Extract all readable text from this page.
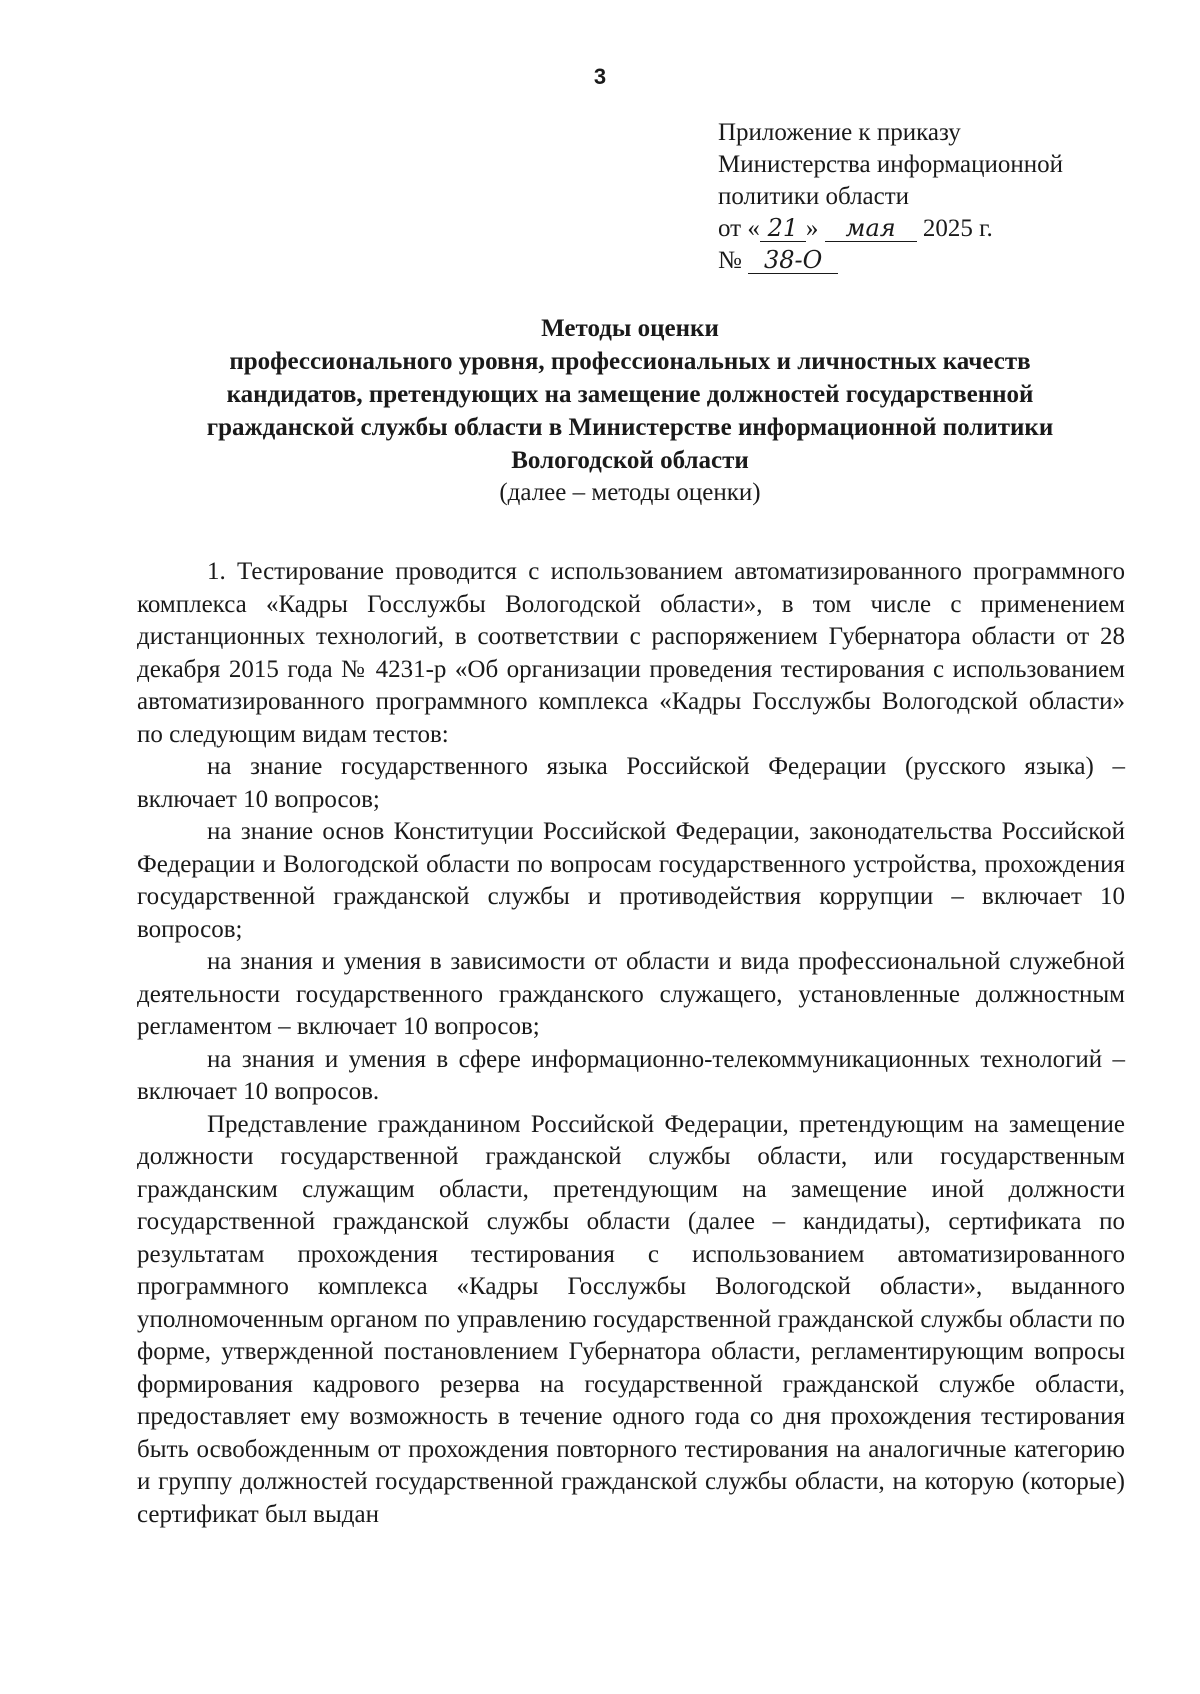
3
Приложение к приказу
Министерства информационной
политики области
от « 21 » мая 2025 г.
№ 38-О
Методы оценки
профессионального уровня, профессиональных и личностных качеств
кандидатов, претендующих на замещение должностей государственной
гражданской службы области в Министерстве информационной политики
Вологодской области
(далее – методы оценки)

1. Тестирование проводится с использованием автоматизированного программного комплекса «Кадры Госслужбы Вологодской области», в том числе с применением дистанционных технологий, в соответствии с распоряжением Губернатора области от 28 декабря 2015 года № 4231-р «Об организации проведения тестирования с использованием автоматизированного программного комплекса «Кадры Госслужбы Вологодской области» по следующим видам тестов:

на знание государственного языка Российской Федерации (русского языка) – включает 10 вопросов;

на знание основ Конституции Российской Федерации, законодательства Российской Федерации и Вологодской области по вопросам государственного устройства, прохождения государственной гражданской службы и противодействия коррупции – включает 10 вопросов;

на знания и умения в зависимости от области и вида профессиональной служебной деятельности государственного гражданского служащего, установленные должностным регламентом – включает 10 вопросов;

на знания и умения в сфере информационно-телекоммуникационных технологий – включает 10 вопросов.

Представление гражданином Российской Федерации, претендующим на замещение должности государственной гражданской службы области, или государственным гражданским служащим области, претендующим на замещение иной должности государственной гражданской службы области (далее – кандидаты), сертификата по результатам прохождения тестирования с использованием автоматизированного программного комплекса «Кадры Госслужбы Вологодской области», выданного уполномоченным органом по управлению государственной гражданской службы области по форме, утвержденной постановлением Губернатора области, регламентирующим вопросы формирования кадрового резерва на государственной гражданской службе области, предоставляет ему возможность в течение одного года со дня прохождения тестирования быть освобожденным от прохождения повторного тестирования на аналогичные категорию и группу должностей государственной гражданской службы области, на которую (которые) сертификат был выдан
